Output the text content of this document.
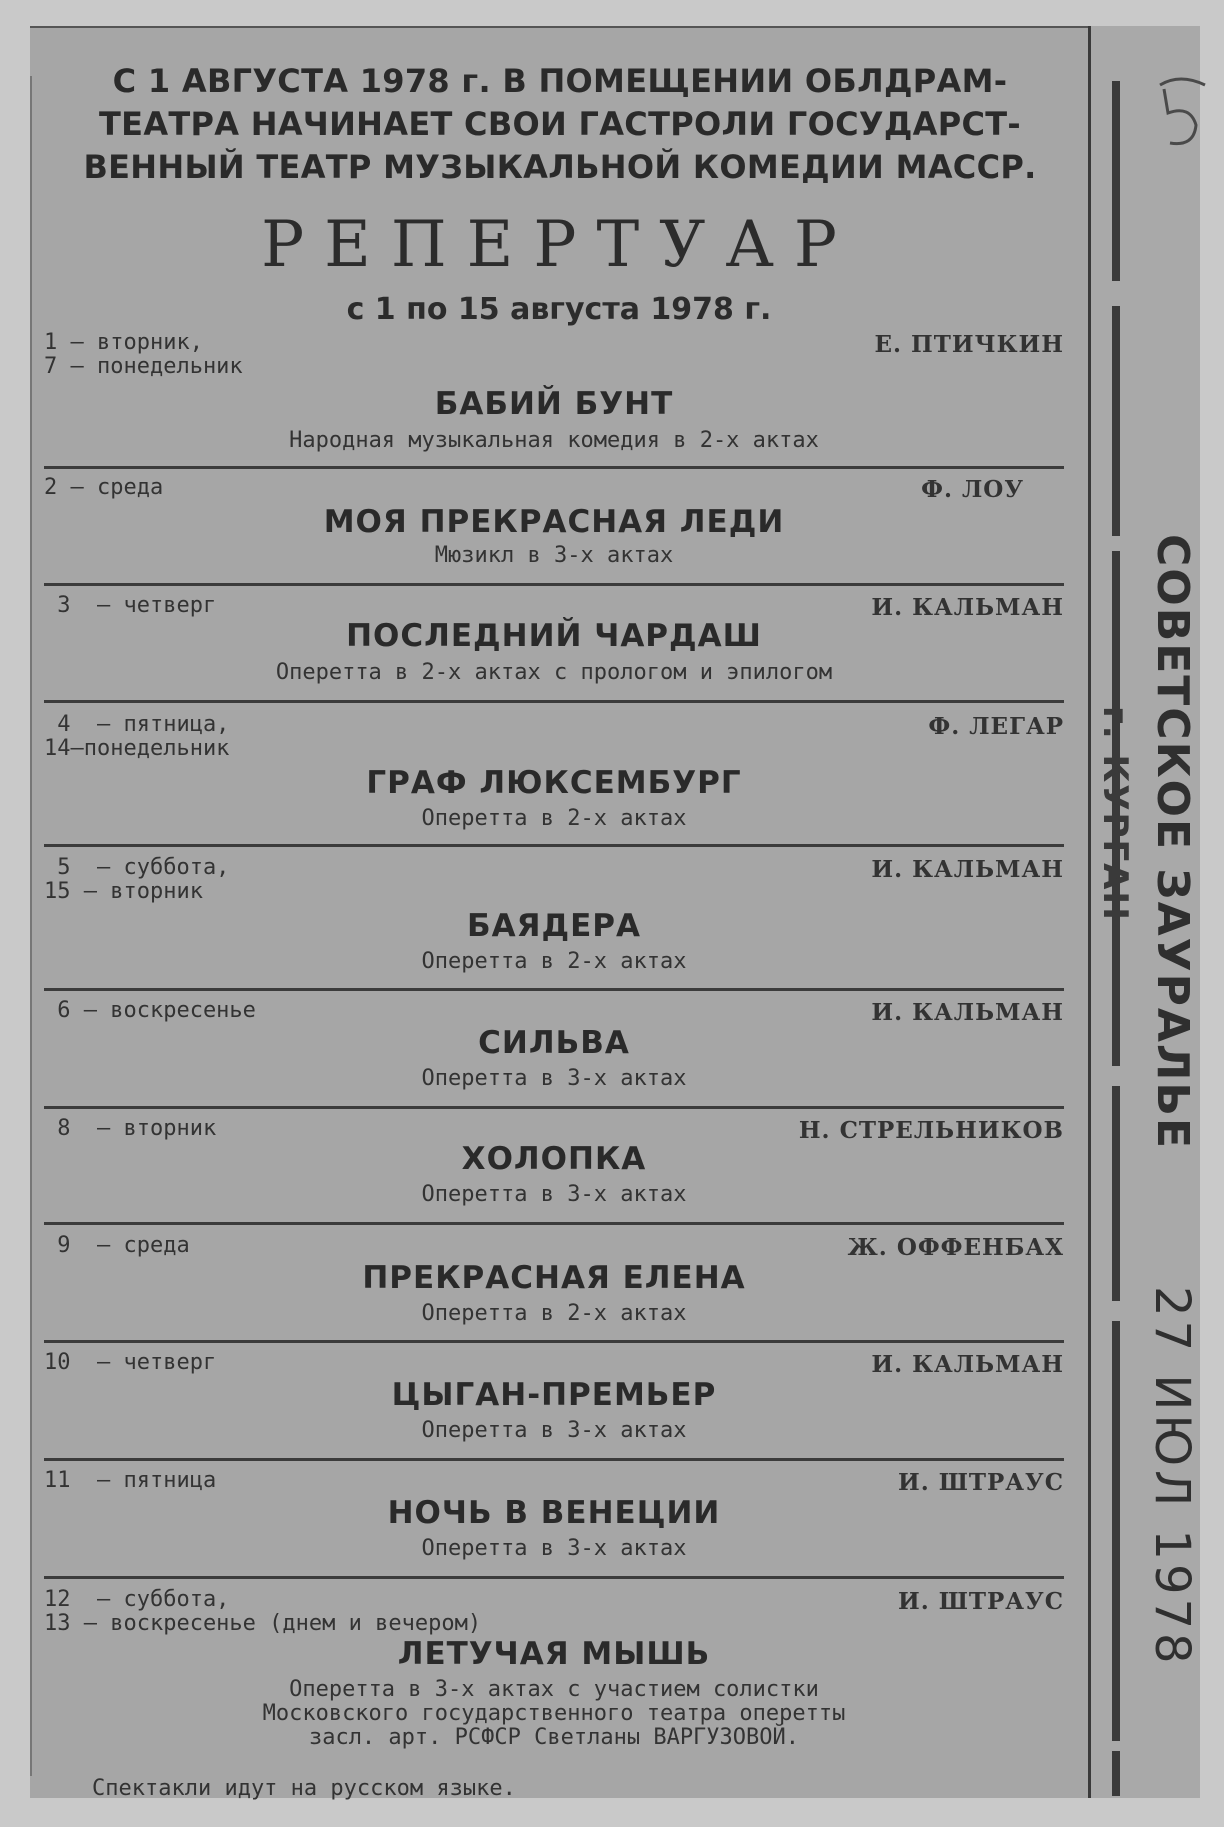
С 1 АВГУСТА 1978 г. В ПОМЕЩЕНИИ ОБЛДРАМ-
ТЕАТРА НАЧИНАЕТ СВОИ ГАСТРОЛИ ГОСУДАРСТ-
ВЕННЫЙ ТЕАТР МУЗЫКАЛЬНОЙ КОМЕДИИ МАССР.
РЕПЕРТУАР
с 1 по 15 августа 1978 г.
1 — вторник,
7 — понедельник
Е. ПТИЧКИН
БАБИЙ БУНТ
Народная музыкальная комедия в 2-х актах
2 — среда	Ф. ЛОУ
МОЯ ПРЕКРАСНАЯ ЛЕДИ
Мюзикл в 3-х актах
3  — четверг	И. КАЛЬМАН
ПОСЛЕДНИЙ ЧАРДАШ
Оперетта в 2-х актах с прологом и эпилогом
4  — пятница,
14—понедельник
Ф. ЛЕГАР
ГРАФ ЛЮКСЕМБУРГ
Оперетта в 2-х актах
5  — суббота,
15 — вторник
И. КАЛЬМАН
БАЯДЕРА
Оперетта в 2-х актах
6 — воскресенье	И. КАЛЬМАН
СИЛЬВА
Оперетта в 3-х актах
8  — вторник	Н. СТРЕЛЬНИКОВ
ХОЛОПКА
Оперетта в 3-х актах
9  — среда	Ж. ОФФЕНБАХ
ПРЕКРАСНАЯ ЕЛЕНА
Оперетта в 2-х актах
10  — четверг	И. КАЛЬМАН
ЦЫГАН-ПРЕМЬЕР
Оперетта в 3-х актах
11  — пятница	И. ШТРАУС
НОЧЬ В ВЕНЕЦИИ
Оперетта в 3-х актах
12  — суббота,
13 — воскресенье (днем и вечером)
И. ШТРАУС
ЛЕТУЧАЯ МЫШЬ
Оперетта в 3-х актах с участием солистки
Московского государственного театра оперетты
засл. арт. РСФСР Светланы ВАРГУЗОВОЙ.
Спектакли идут на русском языке.
СОВЕТСКОЕ ЗАУРАЛЬЕ
г. КУРГАН
27 ИЮЛ 1978
